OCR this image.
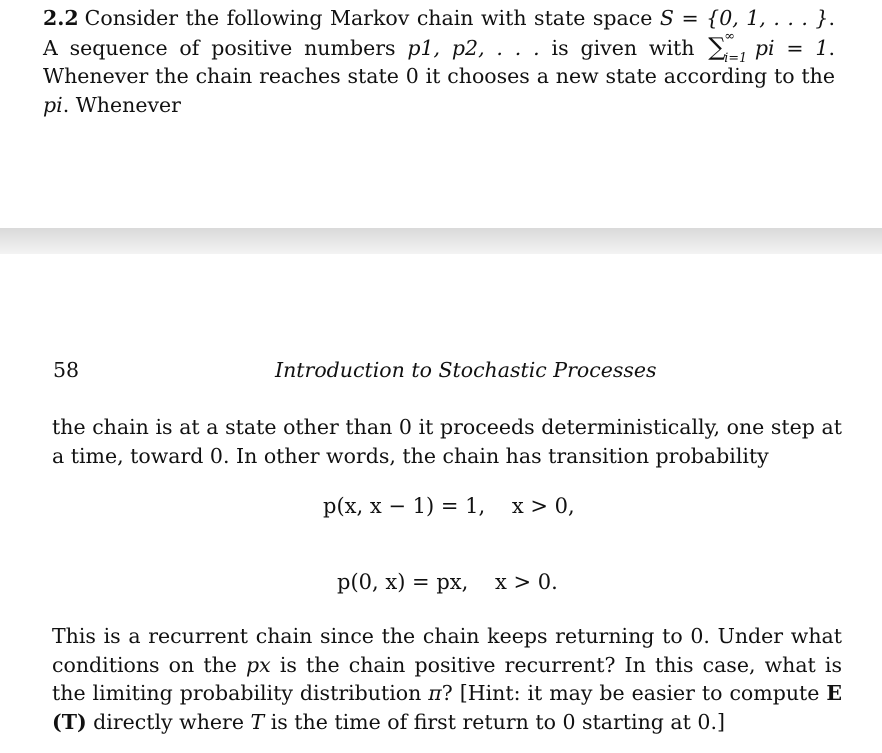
2.2 Consider the following Markov chain with state space S = {0, 1, . . . }. A sequence of positive numbers p1, p2, . . . is given with ∑
∞
i=1 pi = 1. Whenever the chain reaches state 0 it chooses a new state according to the pi. Whenever

58	Introduction to Stochastic Processes

the chain is at a state other than 0 it proceeds deterministically, one step at a time, toward 0. In other words, the chain has transition probability

p(x, x − 1) = 1,    x > 0,
p(0, x) = px,    x > 0.

This is a recurrent chain since the chain keeps returning to 0. Under what conditions on the px is the chain positive recurrent? In this case, what is the limiting probability distribution π? [Hint: it may be easier to compute E (T) directly where T is the time of first return to 0 starting at 0.]
